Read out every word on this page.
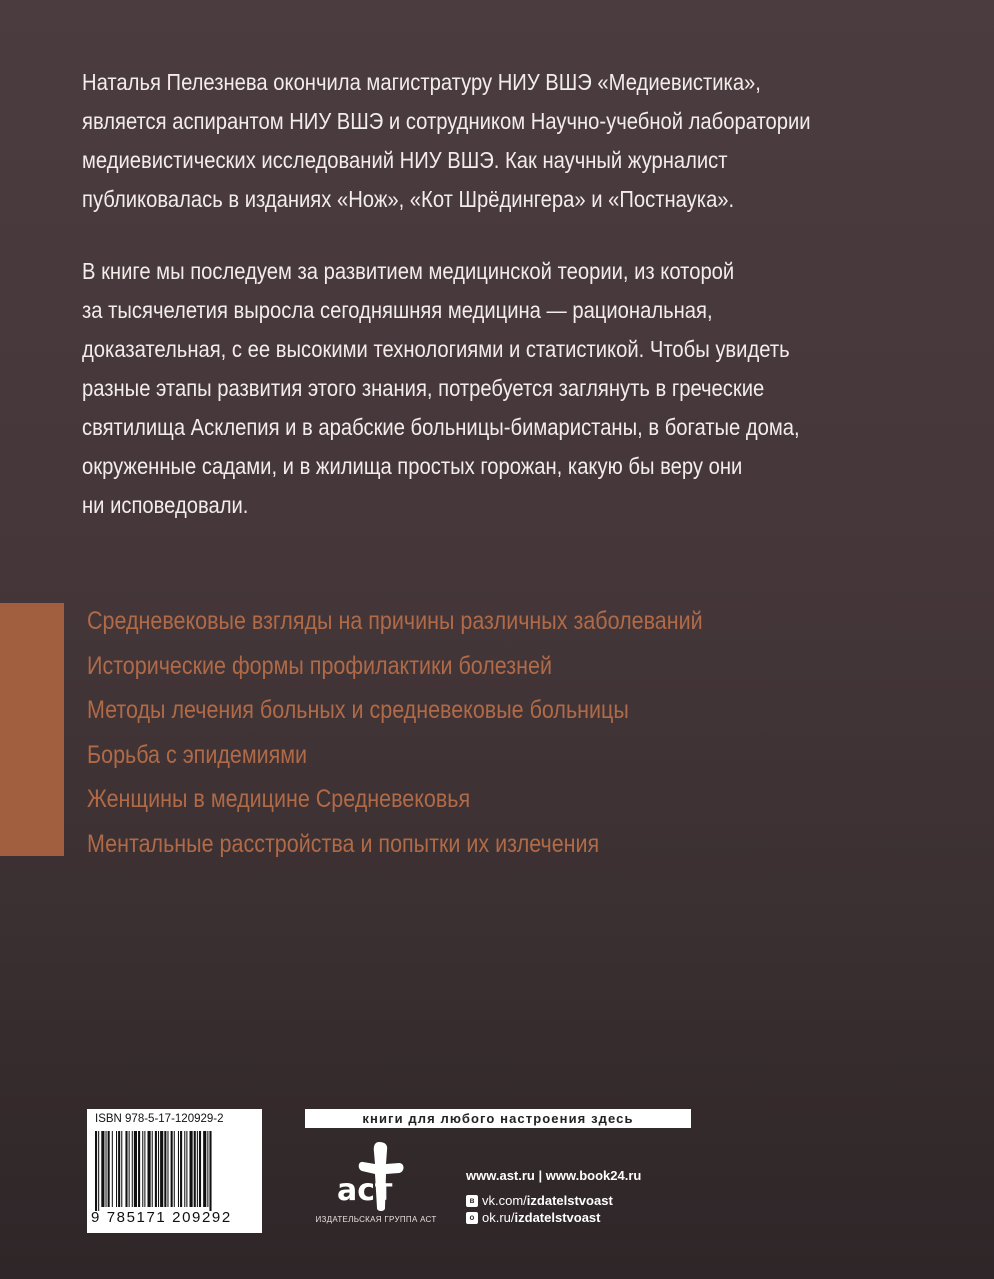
Наталья Пелезнева окончила магистратуру НИУ ВШЭ «Медиевистика»,
является аспирантом НИУ ВШЭ и сотрудником Научно-учебной лаборатории
медиевистических исследований НИУ ВШЭ. Как научный журналист
публиковалась в изданиях «Нож», «Кот Шрёдингера» и «Постнаука».
В книге мы последуем за развитием медицинской теории, из которой
за тысячелетия выросла сегодняшняя медицина — рациональная,
доказательная, с ее высокими технологиями и статистикой. Чтобы увидеть
разные этапы развития этого знания, потребуется заглянуть в греческие
святилища Асклепия и в арабские больницы-бимаристаны, в богатые дома,
окруженные садами, и в жилища простых горожан, какую бы веру они
ни исповедовали.
Средневековые взгляды на причины различных заболеваний
Исторические формы профилактики болезней
Методы лечения больных и средневековые больницы
Борьба с эпидемиями
Женщины в медицине Средневековья
Ментальные расстройства и попытки их излечения
ISBN 978-5-17-120929-2
9 785171 209292
книги для любого настроения здесь
аст
ИЗДАТЕЛЬСКАЯ ГРУППА АСТ
www.ast.ru | www.book24.ru
в vk.com/ izdatelstvoast
о ok.ru/ izdatelstvoast
